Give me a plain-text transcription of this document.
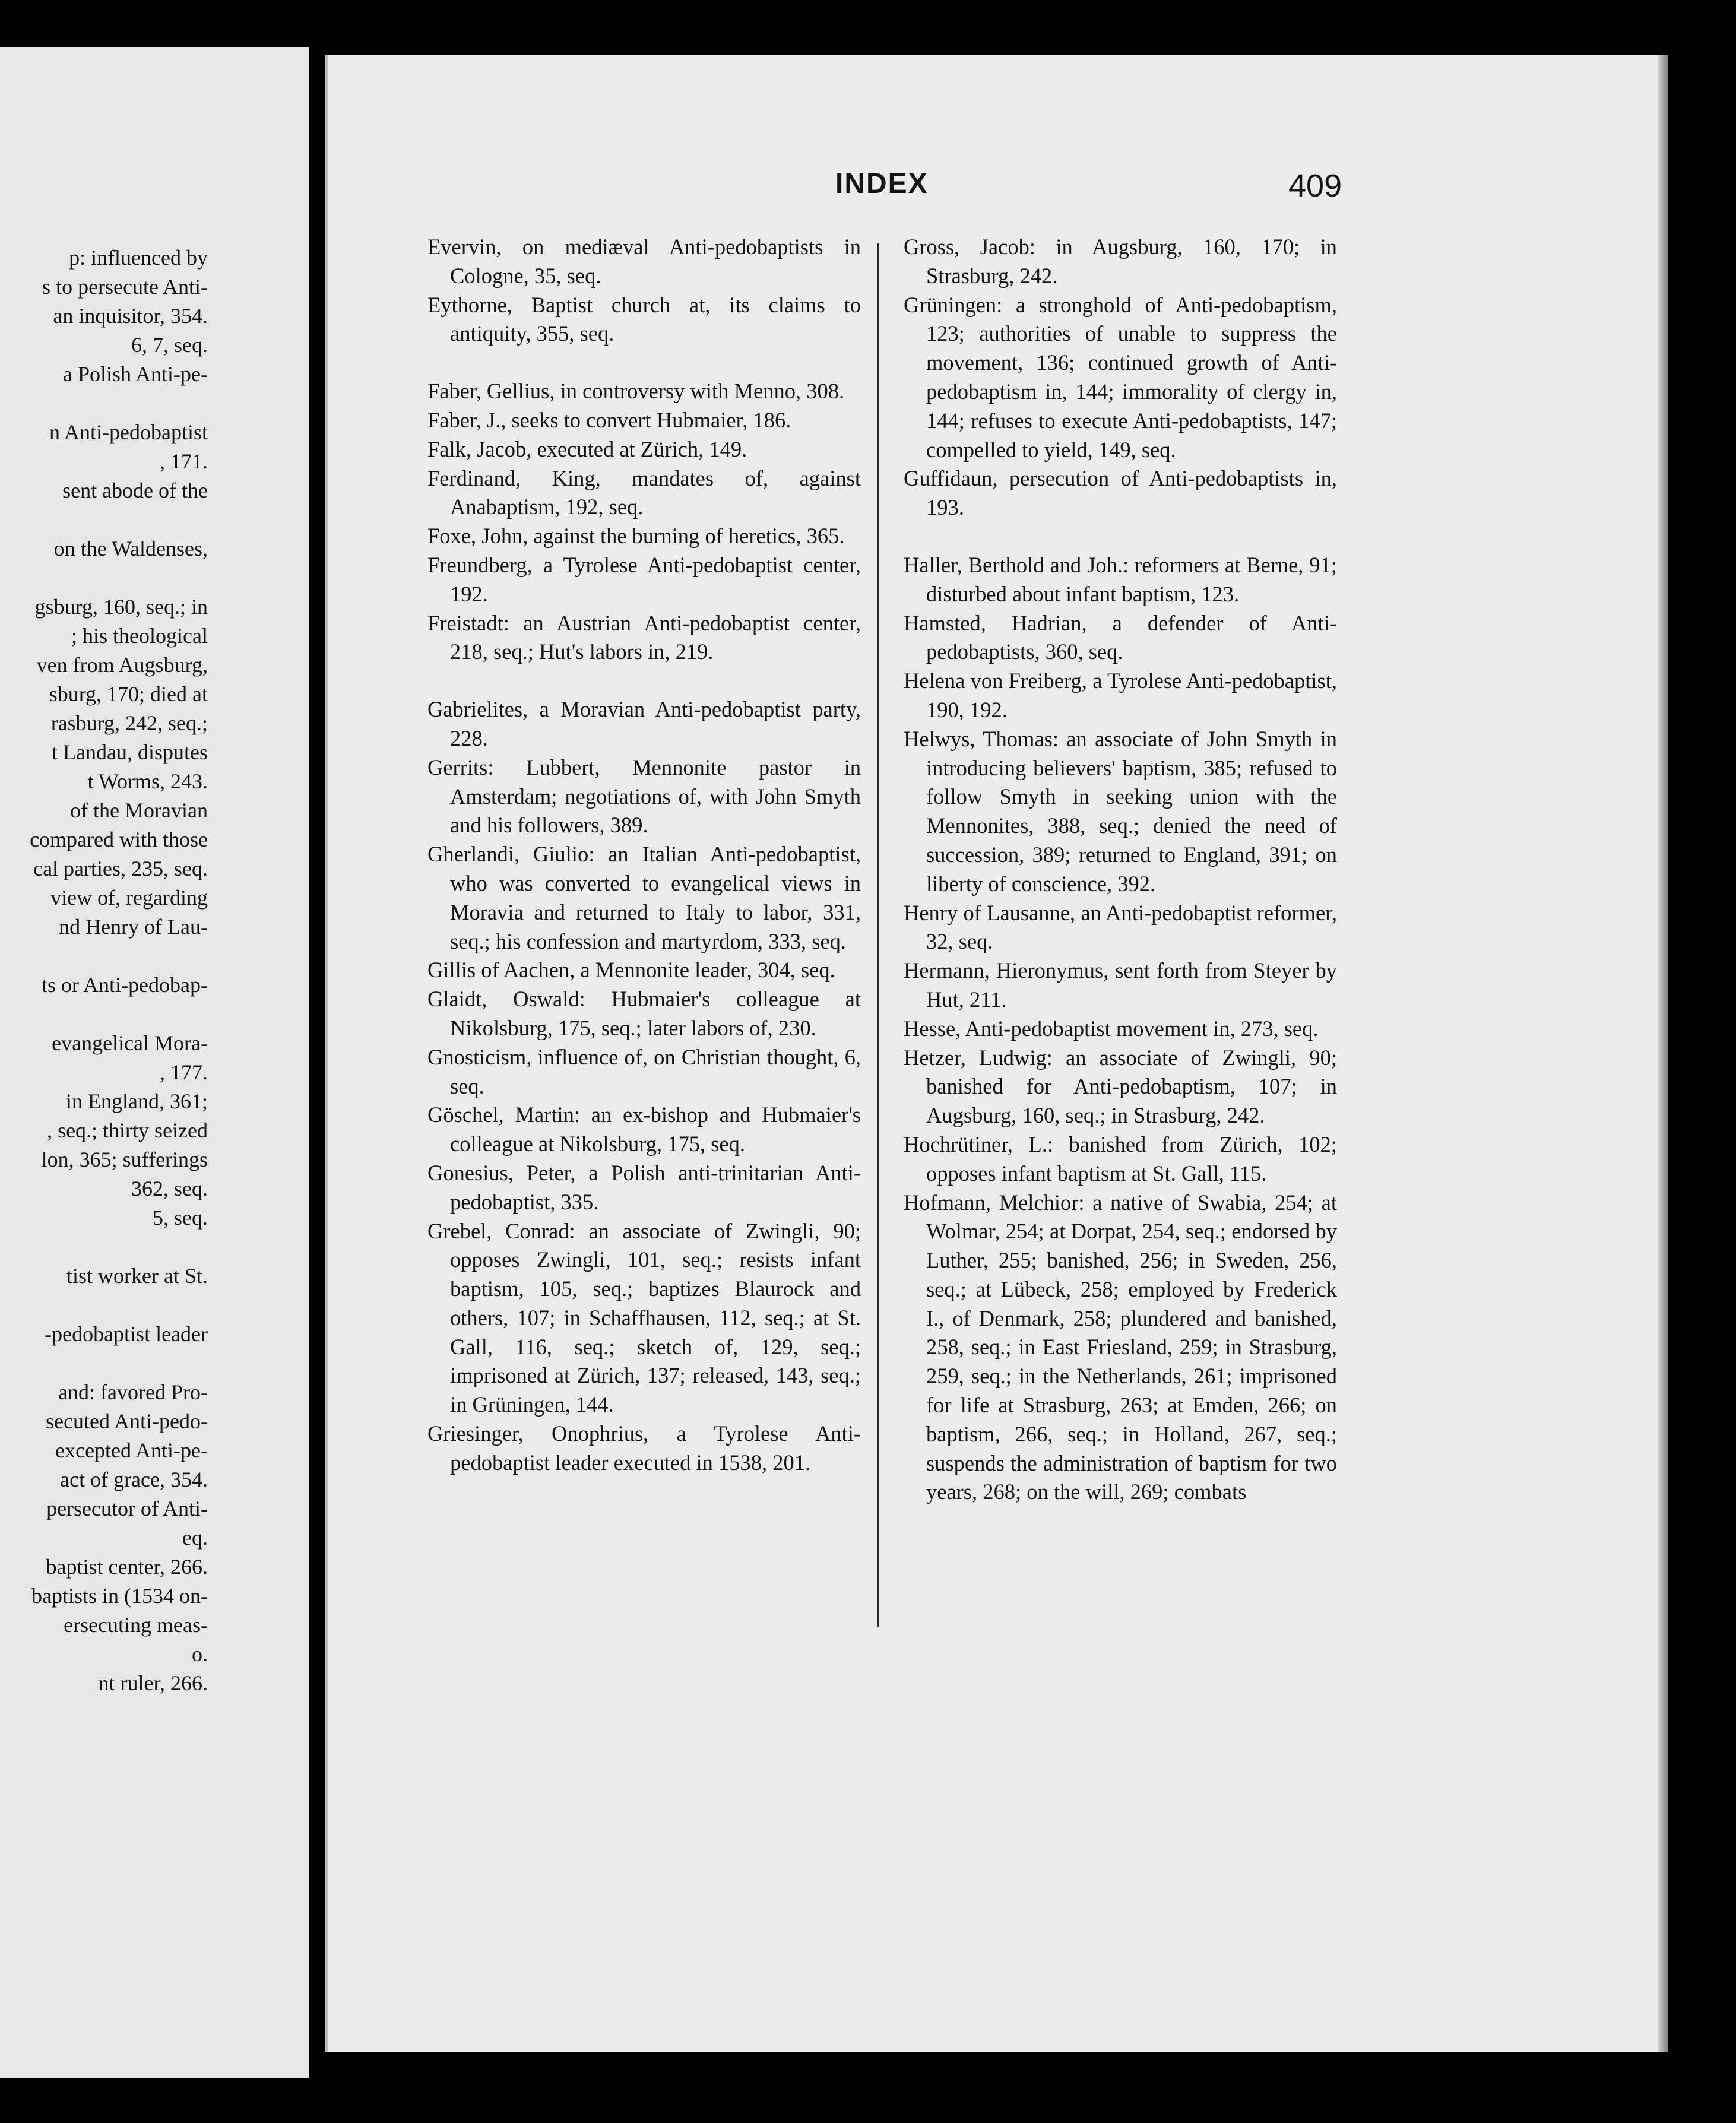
p: influenced by
s to persecute Anti-
an inquisitor, 354.
6, 7, seq.
a Polish Anti-pe-
n Anti-pedobaptist
, 171.
sent abode of the
on the Waldenses,
gsburg, 160, seq.; in
; his theological
ven from Augsburg,
sburg, 170; died at
rasburg, 242, seq.;
t Landau, disputes
t Worms, 243.
of the Moravian
compared with those
cal parties, 235, seq.
view of, regarding
nd Henry of Lau-
ts or Anti-pedobap-
evangelical Mora-
, 177.
in England, 361;
, seq.; thirty seized
lon, 365; sufferings
362, seq.
5, seq.
tist worker at St.
-pedobaptist leader
and: favored Pro-
secuted Anti-pedo-
excepted Anti-pe-
act of grace, 354.
persecutor of Anti-
eq.
baptist center, 266.
baptists in (1534 on-
ersecuting meas-
o.
nt ruler, 266.
INDEX	409

Evervin, on mediæval Anti-pedobaptists in Cologne, 35, seq.

Eythorne, Baptist church at, its claims to antiquity, 355, seq.

Faber, Gellius, in controversy with Menno, 308.

Faber, J., seeks to convert Hubmaier, 186.

Falk, Jacob, executed at Zürich, 149.

Ferdinand, King, mandates of, against Anabaptism, 192, seq.

Foxe, John, against the burning of heretics, 365.

Freundberg, a Tyrolese Anti-pedobaptist center, 192.

Freistadt: an Austrian Anti-pedobaptist center, 218, seq.; Hut's labors in, 219.

Gabrielites, a Moravian Anti-pedobaptist party, 228.

Gerrits: Lubbert, Mennonite pastor in Amsterdam; negotiations of, with John Smyth and his followers, 389.

Gherlandi, Giulio: an Italian Anti-pedobaptist, who was converted to evangelical views in Moravia and returned to Italy to labor, 331, seq.; his confession and martyrdom, 333, seq.

Gillis of Aachen, a Mennonite leader, 304, seq.

Glaidt, Oswald: Hubmaier's colleague at Nikolsburg, 175, seq.; later labors of, 230.

Gnosticism, influence of, on Christian thought, 6, seq.

Göschel, Martin: an ex-bishop and Hubmaier's colleague at Nikolsburg, 175, seq.

Gonesius, Peter, a Polish anti-trinitarian Anti-pedobaptist, 335.

Grebel, Conrad: an associate of Zwingli, 90; opposes Zwingli, 101, seq.; resists infant baptism, 105, seq.; baptizes Blaurock and others, 107; in Schaffhausen, 112, seq.; at St. Gall, 116, seq.; sketch of, 129, seq.; imprisoned at Zürich, 137; released, 143, seq.; in Grüningen, 144.

Griesinger, Onophrius, a Tyrolese Anti-pedobaptist leader executed in 1538, 201.

Gross, Jacob: in Augsburg, 160, 170; in Strasburg, 242.

Grüningen: a stronghold of Anti-pedobaptism, 123; authorities of unable to suppress the movement, 136; continued growth of Anti-pedobaptism in, 144; immorality of clergy in, 144; refuses to execute Anti-pedobaptists, 147; compelled to yield, 149, seq.

Guffidaun, persecution of Anti-pedobaptists in, 193.

Haller, Berthold and Joh.: reformers at Berne, 91; disturbed about infant baptism, 123.

Hamsted, Hadrian, a defender of Anti-pedobaptists, 360, seq.

Helena von Freiberg, a Tyrolese Anti-pedobaptist, 190, 192.

Helwys, Thomas: an associate of John Smyth in introducing believers' baptism, 385; refused to follow Smyth in seeking union with the Mennonites, 388, seq.; denied the need of succession, 389; returned to England, 391; on liberty of conscience, 392.

Henry of Lausanne, an Anti-pedobaptist reformer, 32, seq.

Hermann, Hieronymus, sent forth from Steyer by Hut, 211.

Hesse, Anti-pedobaptist movement in, 273, seq.

Hetzer, Ludwig: an associate of Zwingli, 90; banished for Anti-pedobaptism, 107; in Augsburg, 160, seq.; in Strasburg, 242.

Hochrütiner, L.: banished from Zürich, 102; opposes infant baptism at St. Gall, 115.

Hofmann, Melchior: a native of Swabia, 254; at Wolmar, 254; at Dorpat, 254, seq.; endorsed by Luther, 255; banished, 256; in Sweden, 256, seq.; at Lübeck, 258; employed by Frederick I., of Denmark, 258; plundered and banished, 258, seq.; in East Friesland, 259; in Strasburg, 259, seq.; in the Netherlands, 261; imprisoned for life at Strasburg, 263; at Emden, 266; on baptism, 266, seq.; in Holland, 267, seq.; suspends the administration of baptism for two years, 268; on the will, 269; combats
